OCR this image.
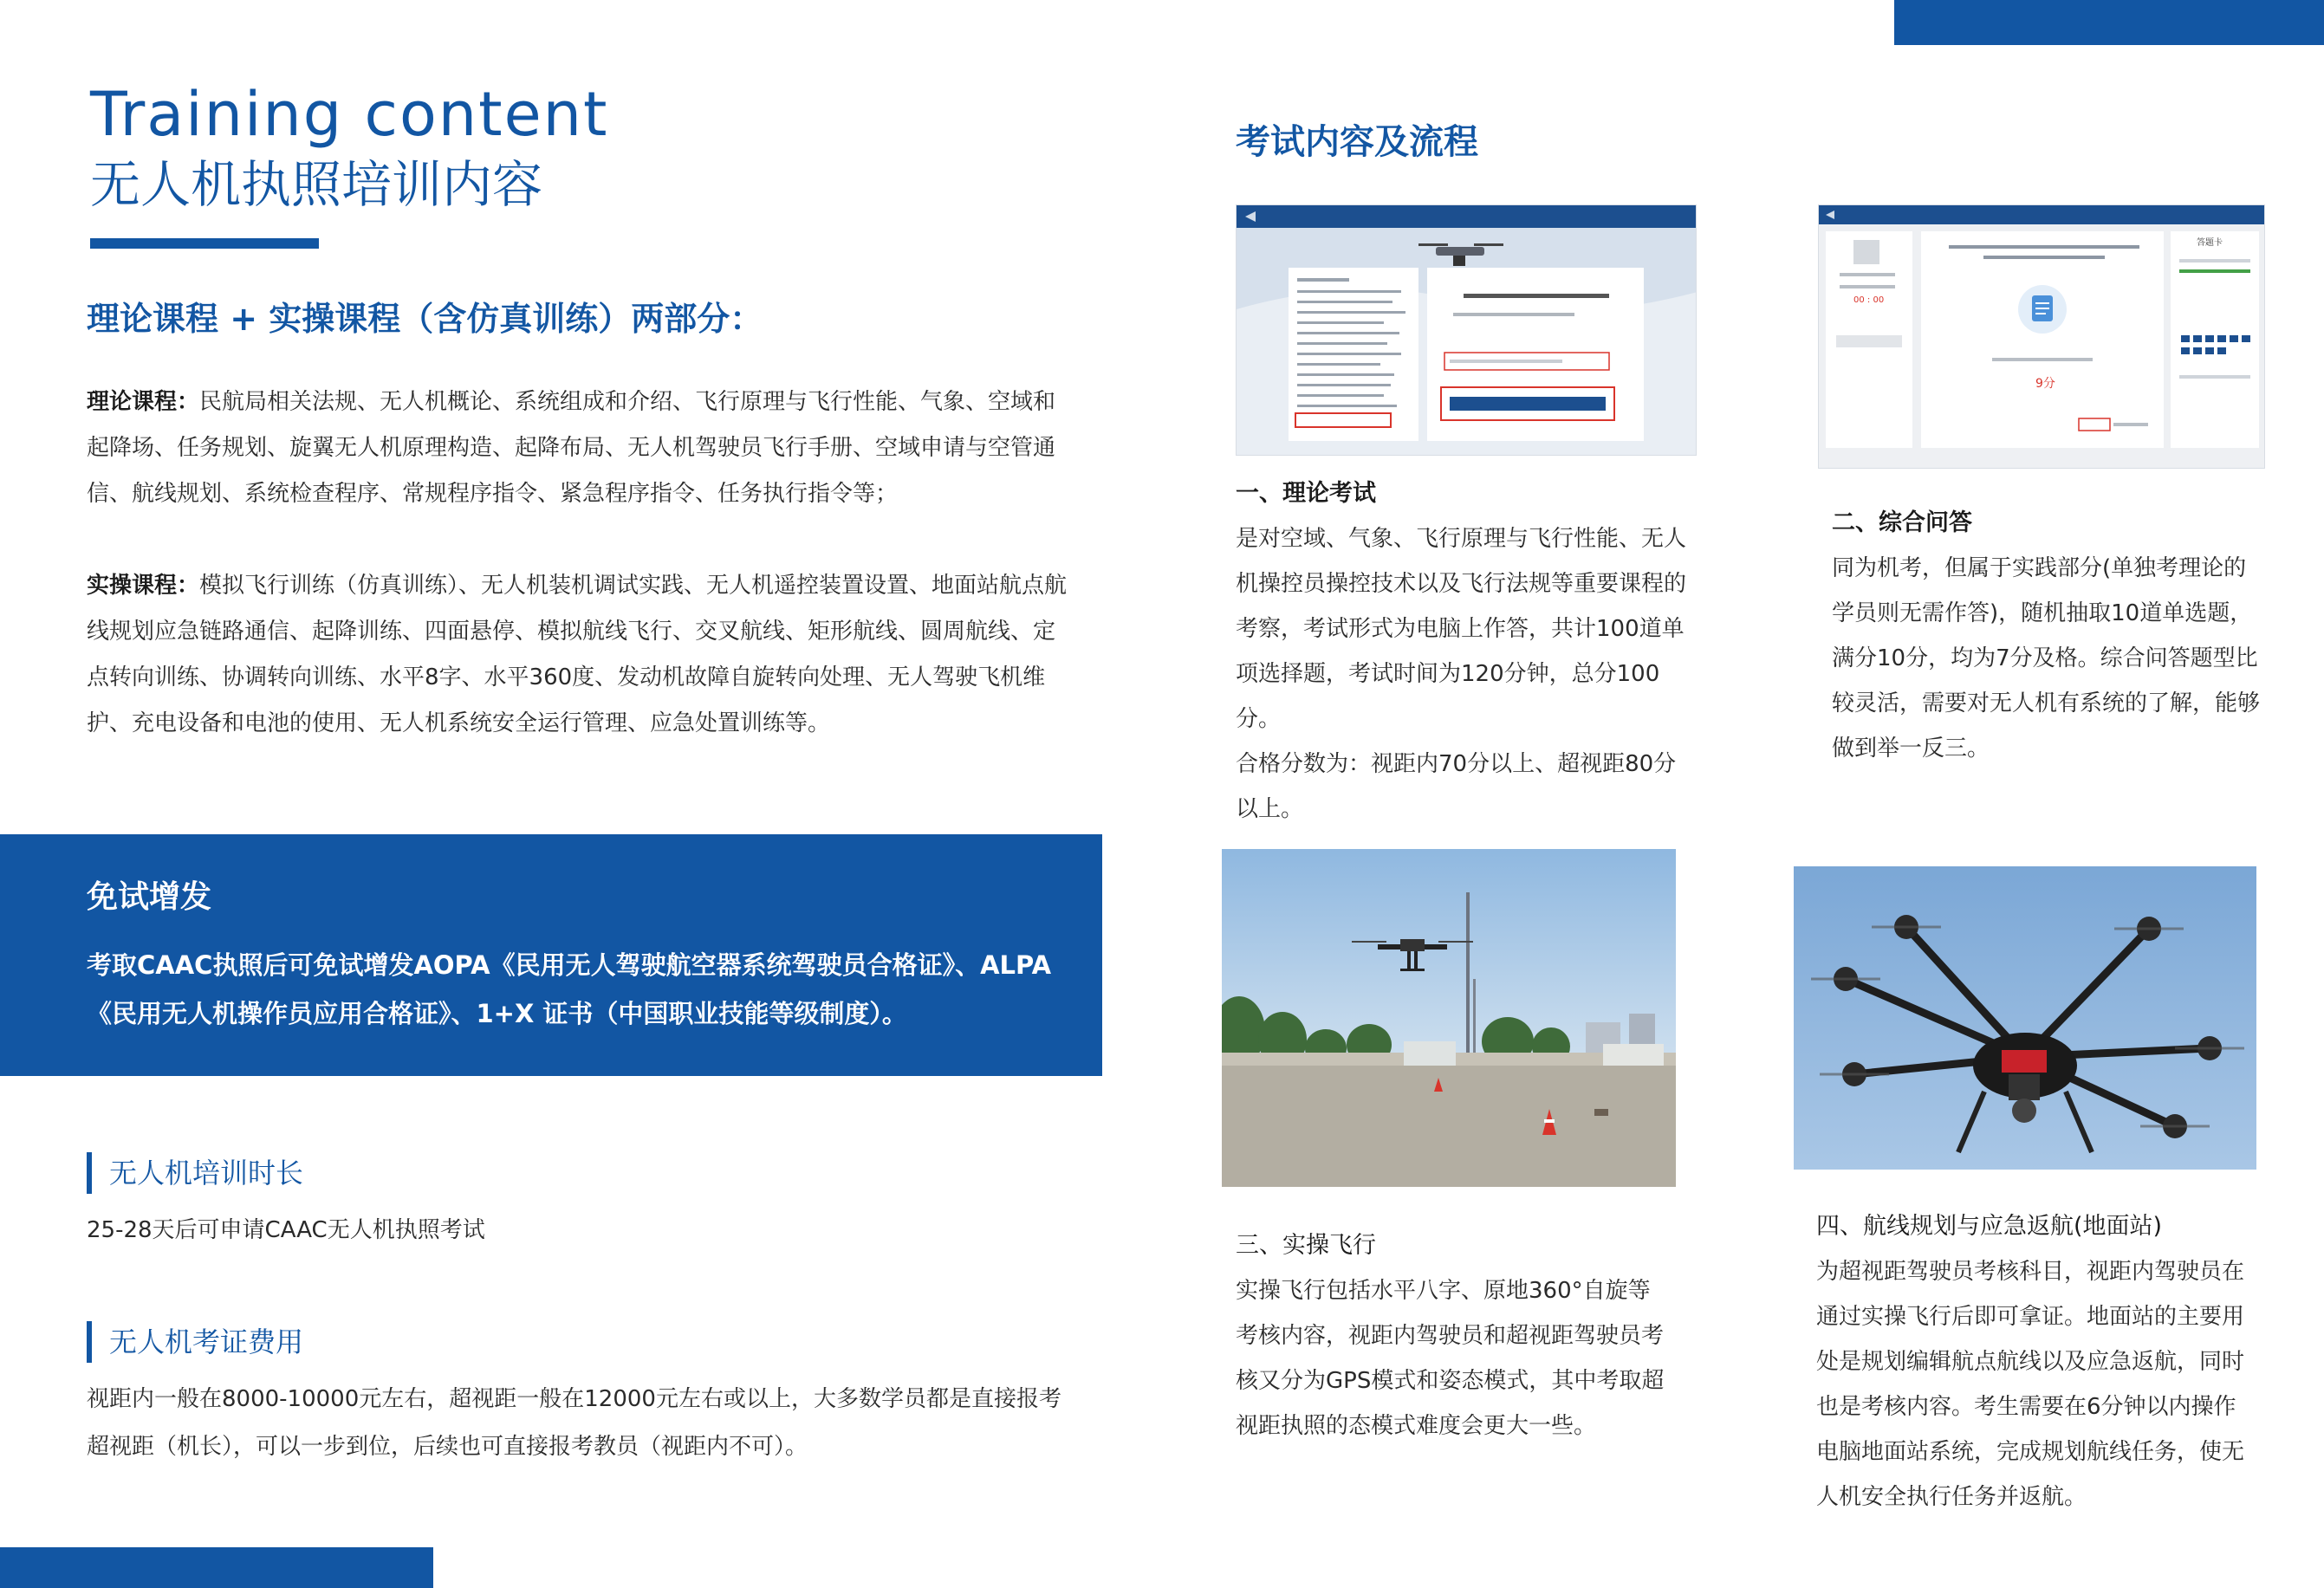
Training content
无人机执照培训内容
理论课程 + 实操课程（含仿真训练）两部分：
理论课程：民航局相关法规、无人机概论、系统组成和介绍、飞行原理与飞行性能、气象、空域和起降场、任务规划、旋翼无人机原理构造、起降布局、无人机驾驶员飞行手册、空域申请与空管通信、航线规划、系统检查程序、常规程序指令、紧急程序指令、任务执行指令等；
实操课程：模拟飞行训练（仿真训练）、无人机装机调试实践、无人机遥控装置设置、地面站航点航线规划应急链路通信、起降训练、四面悬停、模拟航线飞行、交叉航线、矩形航线、圆周航线、定点转向训练、协调转向训练、水平8字、水平360度、发动机故障自旋转向处理、无人驾驶飞机维护、充电设备和电池的使用、无人机系统安全运行管理、应急处置训练等。
免试增发
考取CAAC执照后可免试增发AOPA《民用无人驾驶航空器系统驾驶员合格证》、ALPA《民用无人机操作员应用合格证》、1+X 证书（中国职业技能等级制度）。
无人机培训时长
25-28天后可申请CAAC无人机执照考试
无人机考证费用
视距内一般在8000-10000元左右，超视距一般在12000元左右或以上，大多数学员都是直接报考超视距（机长），可以一步到位，后续也可直接报考教员（视距内不可）。
考试内容及流程
00 : 00
9分
答题卡
一、理论考试
是对空域、气象、飞行原理与飞行性能、无人机操控员操控技术以及飞行法规等重要课程的考察，考试形式为电脑上作答，共计100道单项选择题，考试时间为120分钟，总分100分。
合格分数为：视距内70分以上、超视距80分以上。
二、综合问答
同为机考，但属于实践部分(单独考理论的学员则无需作答)，随机抽取10道单选题，满分10分，均为7分及格。综合问答题型比较灵活，需要对无人机有系统的了解，能够做到举一反三。
三、实操飞行
实操飞行包括水平八字、原地360°自旋等考核内容，视距内驾驶员和超视距驾驶员考核又分为GPS模式和姿态模式，其中考取超视距执照的态模式难度会更大一些。
四、航线规划与应急返航(地面站)
为超视距驾驶员考核科目，视距内驾驶员在通过实操飞行后即可拿证。地面站的主要用处是规划编辑航点航线以及应急返航，同时也是考核内容。考生需要在6分钟以内操作电脑地面站系统，完成规划航线任务，使无人机安全执行任务并返航。
